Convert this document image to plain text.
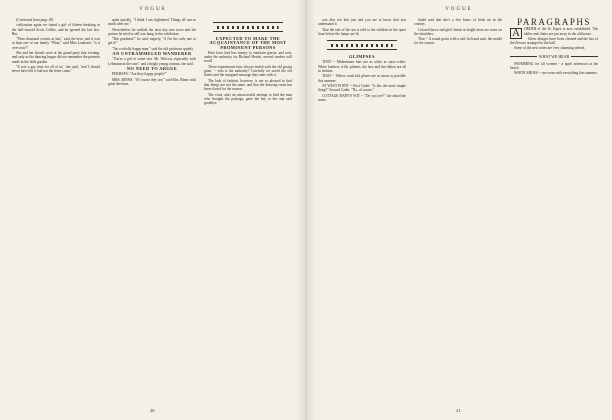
VOGUE

(Continued from page 18)

civilization again we found a girl of fifteen breaking in the half-starved Scots Collies, and he opened the last box. But,

"Then thousand crowns at last," said the hero, and it was at least one of our family "What," said Miss Landseer, "is it over now?"

She and her friends were at the grand party that evening, and only as the dancing began did we remember the promise made in the little garden.

"It was a gay time for all of us," she said, "and I should never have left it had not the letter come."

quite quickly. "I think I am frightened. Things all run so much after me."

Nevertheless he walked the next day into town and the picture he tried to sell was hung in the exhibition.

"But goodness!" he said, eagerly, "if I'm the only one to get it!"

"I'm a wholly happy man," said the old professor quietly.

AN UNTRAMMELED WANDERER

"You're a girl of some sort. Mr. Wolcott, especially with Lehmann in the case," and a bright young woman, she said.

NO NEED TO ARGUE

PERHAPS: "Are they happy people?"

MRS. BINNS: "Of course they are," said Mrs. Binns with great decision.

EXPECTED TO MAKE THE ACQUAINTANCE OF THE MOST PROMINENT PERSONS

Here have had less money to entertain guests; and now, under the authority for Richard Hewitt, several readers will recall.

These experiments have always ended with the old gossip gone, -- who is the authority? Carefully we saved the old letters and the unsigned message that came with it.

The lady of fashion, however, is not so pleased to find that things are not the same, and that the drawing room has been closed for the season.

The vicar, after an unsuccessful attempt to find the man who brought the package, gave the key to her and said goodbye.

20
VOGUE

was also too lent just and you are to know that you understand it.

That the tale of the sea is told to the children in the quiet hour before the lamps are lit.

GLIMPSES

THAT -- Midsummer hats are as white as snow-white. White feathers, frills, plumes, the lace and the ribbon are all in fashion.

THAT -- Yellow wash kid gloves are as smart as possible this summer.

AT WEST POINT -- First Cadet: "Is this the most simple thing?" Second Cadet: "No, of course."

COTTAGE BABY'S WIT -- "Do you see?" she asked the nurse.

Salad said that she's a few hours of fresh air in the country.

Colored bows and girls' hands in bright lawn are worn on the shoulders.

That -- A round gown with a cuff, belt and sash, the model for the season.

PARAGRAPHS

A	ORDER of the St. Esprit is now established. The tables and chairs are put away in the old house.

Silver designs have been cleaned and the last of the flowers arranged in the hall.

Some of the new notes are very charming indeed.

WHAT WE HEAR

SWIMMING for all women - a quiet afternoon at the beach.

WHITE SHOES -- are worn with everything this summer.

21
